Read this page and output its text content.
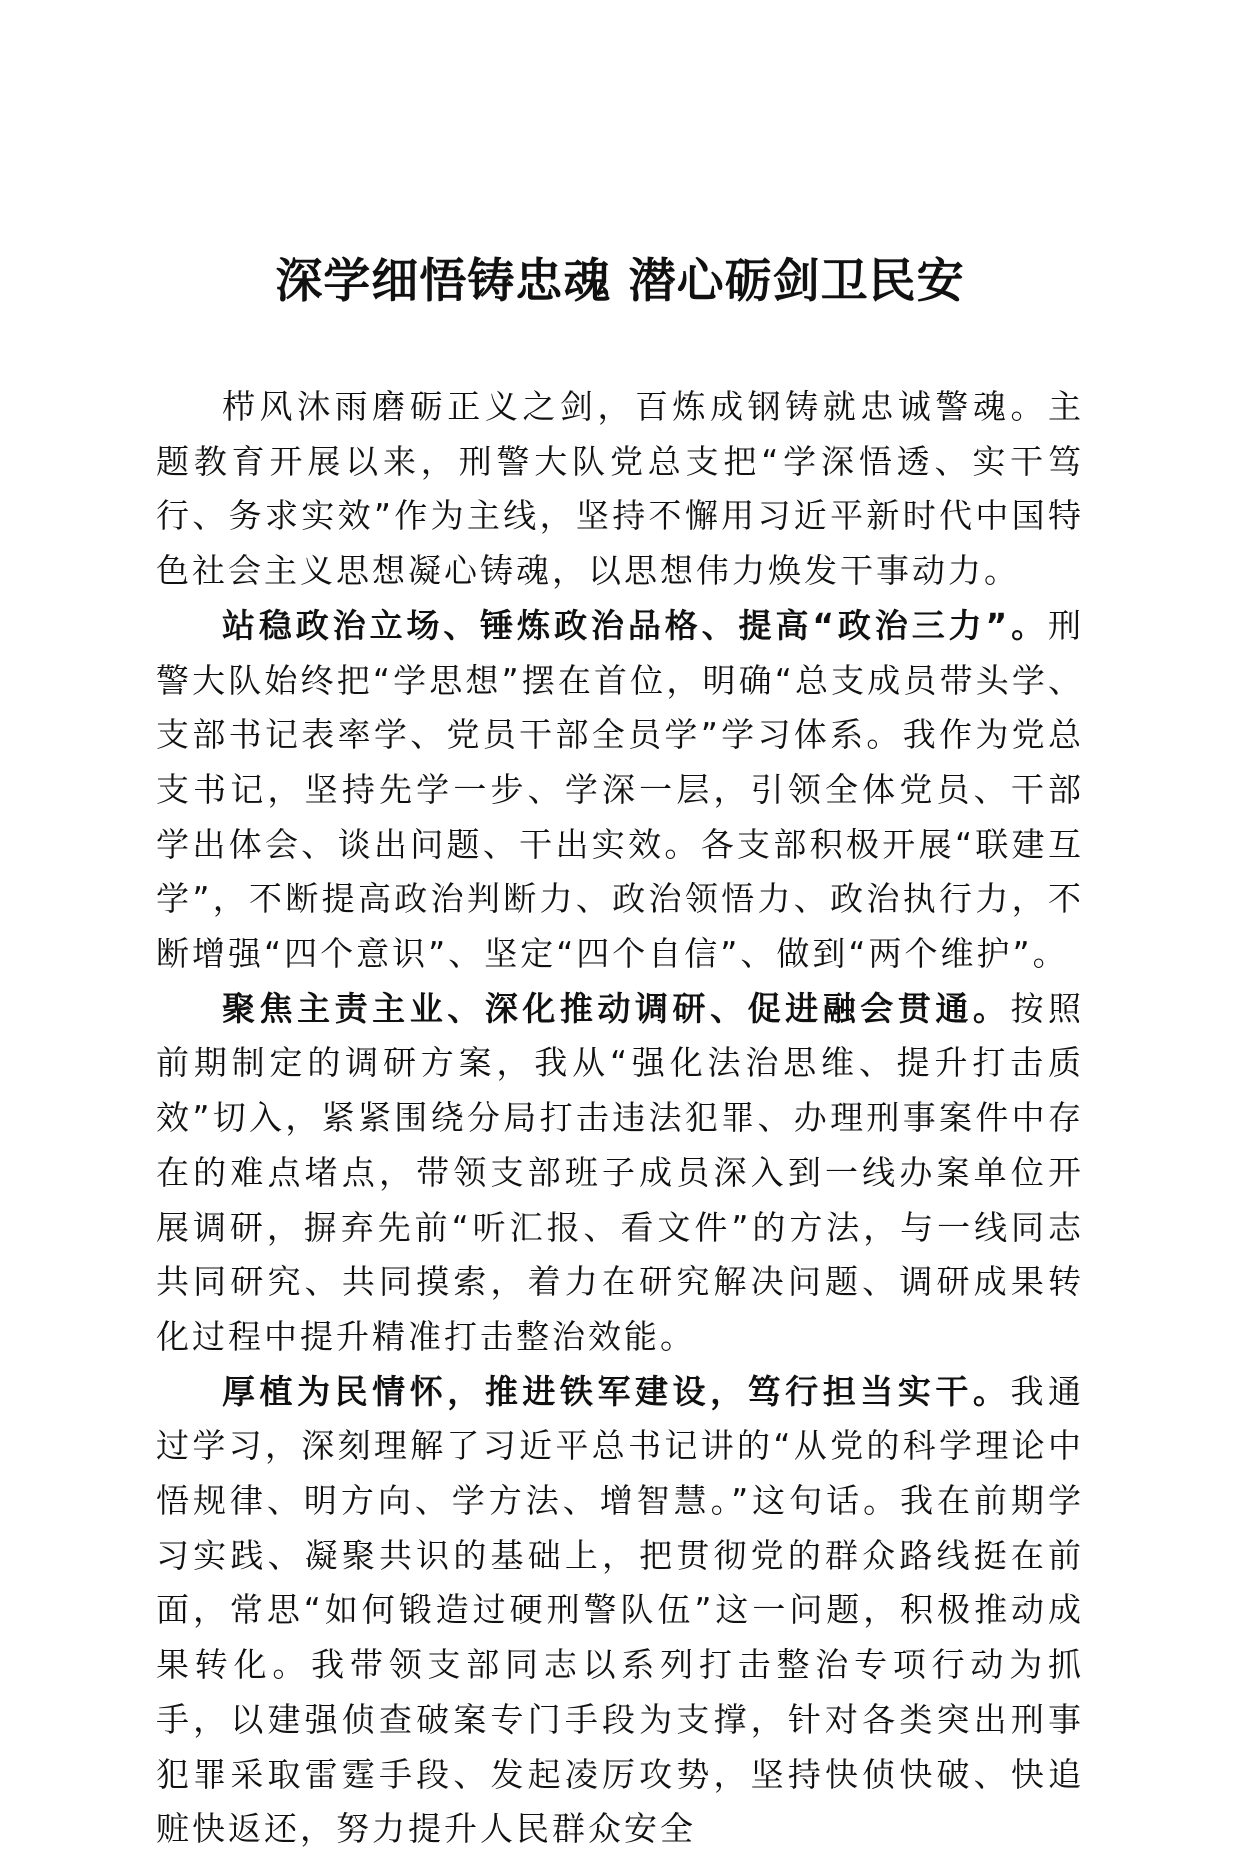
深学细悟铸忠魂 潜心砺剑卫民安

栉风沐雨磨砺正义之剑，百炼成钢铸就忠诚警魂。主题教育开展以来，刑警大队党总支把“学深悟透、实干笃行、务求实效”作为主线，坚持不懈用习近平新时代中国特色社会主义思想凝心铸魂，以思想伟力焕发干事动力。

站稳政治立场、锤炼政治品格、提高“政治三力”。刑警大队始终把“学思想”摆在首位，明确“总支成员带头学、支部书记表率学、党员干部全员学”学习体系。我作为党总支书记，坚持先学一步、学深一层，引领全体党员、干部学出体会、谈出问题、干出实效。各支部积极开展“联建互学”，不断提高政治判断力、政治领悟力、政治执行力，不断增强“四个意识”、坚定“四个自信”、做到“两个维护”。

聚焦主责主业、深化推动调研、促进融会贯通。按照前期制定的调研方案，我从“强化法治思维、提升打击质效”切入，紧紧围绕分局打击违法犯罪、办理刑事案件中存在的难点堵点，带领支部班子成员深入到一线办案单位开展调研，摒弃先前“听汇报、看文件”的方法，与一线同志共同研究、共同摸索，着力在研究解决问题、调研成果转化过程中提升精准打击整治效能。

厚植为民情怀，推进铁军建设，笃行担当实干。我通过学习，深刻理解了习近平总书记讲的“从党的科学理论中悟规律、明方向、学方法、增智慧。”这句话。我在前期学习实践、凝聚共识的基础上，把贯彻党的群众路线挺在前面，常思“如何锻造过硬刑警队伍”这一问题，积极推动成果转化。我带领支部同志以系列打击整治专项行动为抓手，以建强侦查破案专门手段为支撑，针对各类突出刑事犯罪采取雷霆手段、发起凌厉攻势，坚持快侦快破、快追赃快返还，努力提升人民群众安全
